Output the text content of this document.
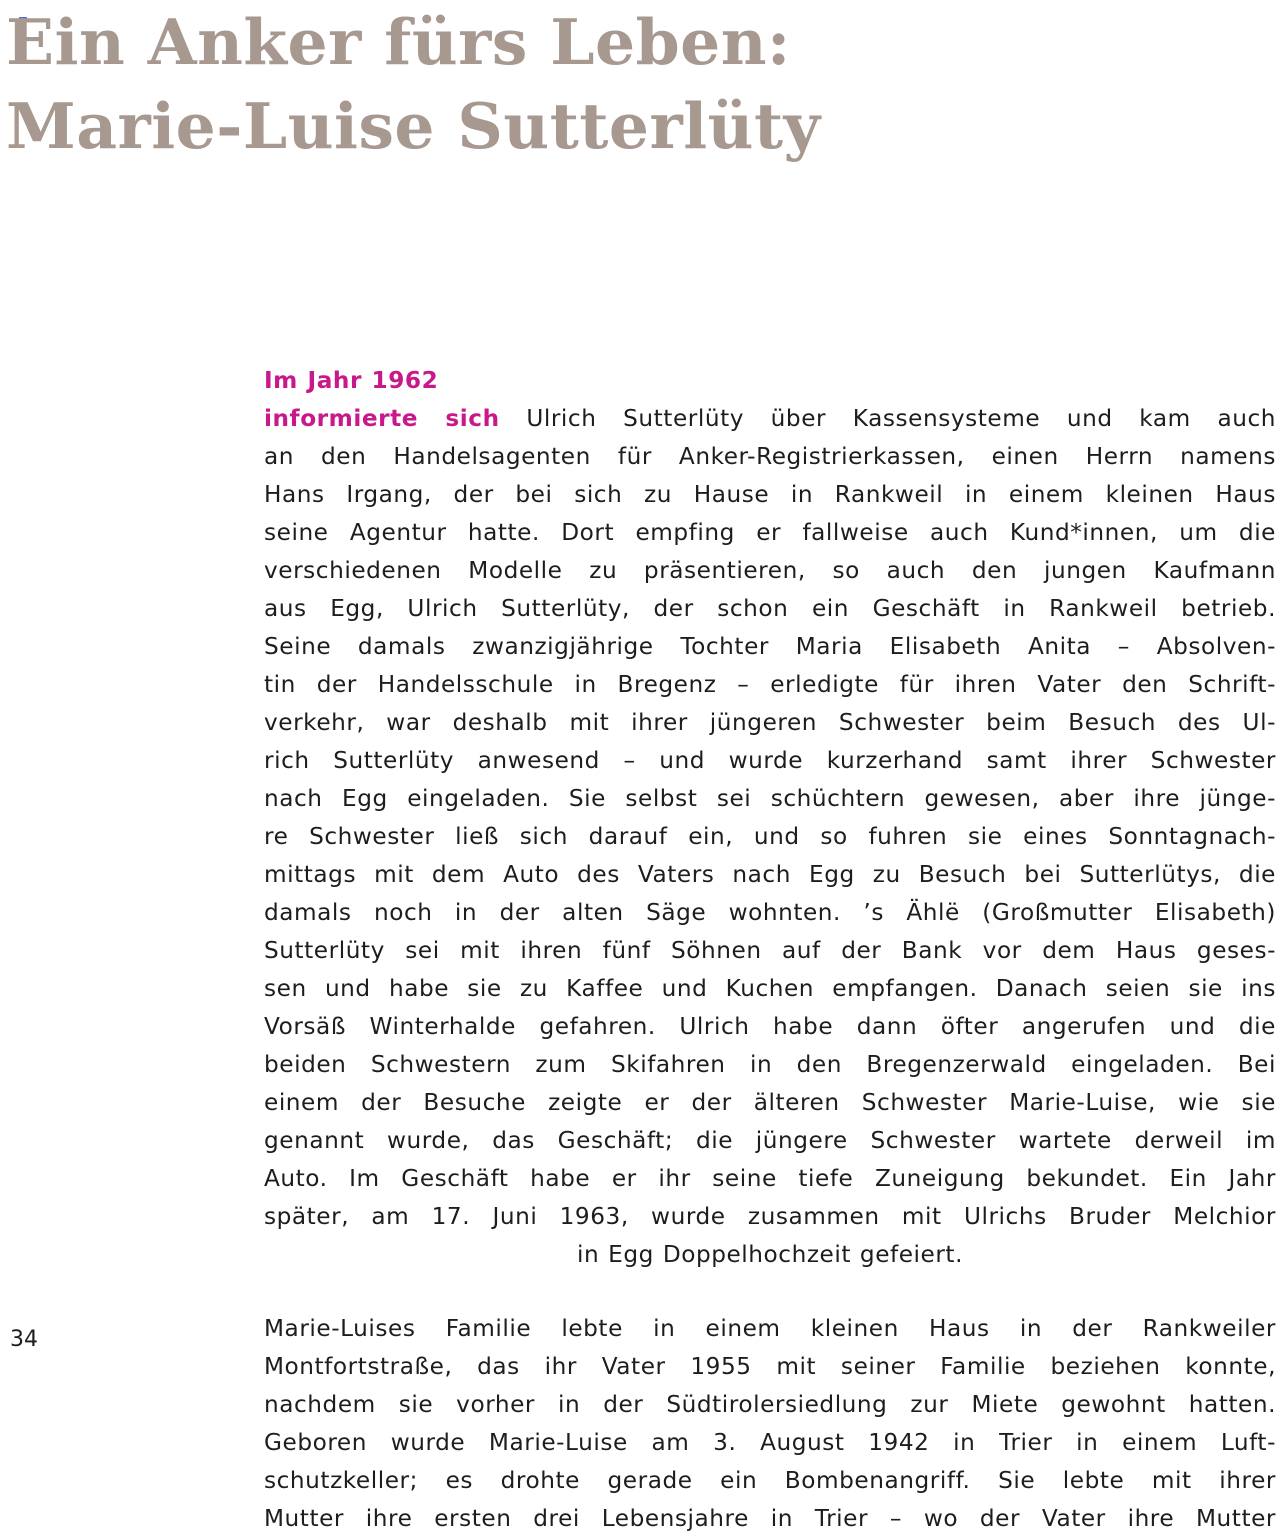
Ein Anker fürs Leben:
Marie-Luise Sutterlüty
Im Jahr 1962
informierte sich Ulrich Sutterlüty über Kassensysteme und kam auch
an den Handelsagenten für Anker-Registrierkassen, einen Herrn namens
Hans Irgang, der bei sich zu Hause in Rankweil in einem kleinen Haus
seine Agentur hatte. Dort empfing er fallweise auch Kund*innen, um die
verschiedenen Modelle zu präsentieren, so auch den jungen Kaufmann
aus Egg, Ulrich Sutterlüty, der schon ein Geschäft in Rankweil betrieb.
Seine damals zwanzigjährige Tochter Maria Elisabeth Anita – Absolven-
tin der Handelsschule in Bregenz – erledigte für ihren Vater den Schrift-
verkehr, war deshalb mit ihrer jüngeren Schwester beim Besuch des Ul-
rich Sutterlüty anwesend – und wurde kurzerhand samt ihrer Schwester
nach Egg eingeladen. Sie selbst sei schüchtern gewesen, aber ihre jünge-
re Schwester ließ sich darauf ein, und so fuhren sie eines Sonntagnach-
mittags mit dem Auto des Vaters nach Egg zu Besuch bei Sutterlütys, die
damals noch in der alten Säge wohnten. ’s Ählë (Großmutter Elisabeth)
Sutterlüty sei mit ihren fünf Söhnen auf der Bank vor dem Haus geses-
sen und habe sie zu Kaffee und Kuchen empfangen. Danach seien sie ins
Vorsäß Winterhalde gefahren. Ulrich habe dann öfter angerufen und die
beiden Schwestern zum Skifahren in den Bregenzerwald eingeladen. Bei
einem der Besuche zeigte er der älteren Schwester Marie-Luise, wie sie
genannt wurde, das Geschäft; die jüngere Schwester wartete derweil im
Auto. Im Geschäft habe er ihr seine tiefe Zuneigung bekundet. Ein Jahr
später, am 17. Juni 1963, wurde zusammen mit Ulrichs Bruder Melchior
in Egg Doppelhochzeit gefeiert.
34	Marie-Luises Familie lebte in einem kleinen Haus in der Rankweiler
Montfortstraße, das ihr Vater 1955 mit seiner Familie beziehen konnte,
nachdem sie vorher in der Südtirolersiedlung zur Miete gewohnt hatten.
Geboren wurde Marie-Luise am 3. August 1942 in Trier in einem Luft-
schutzkeller; es drohte gerade ein Bombenangriff. Sie lebte mit ihrer
Mutter ihre ersten drei Lebensjahre in Trier – wo der Vater ihre Mutter
